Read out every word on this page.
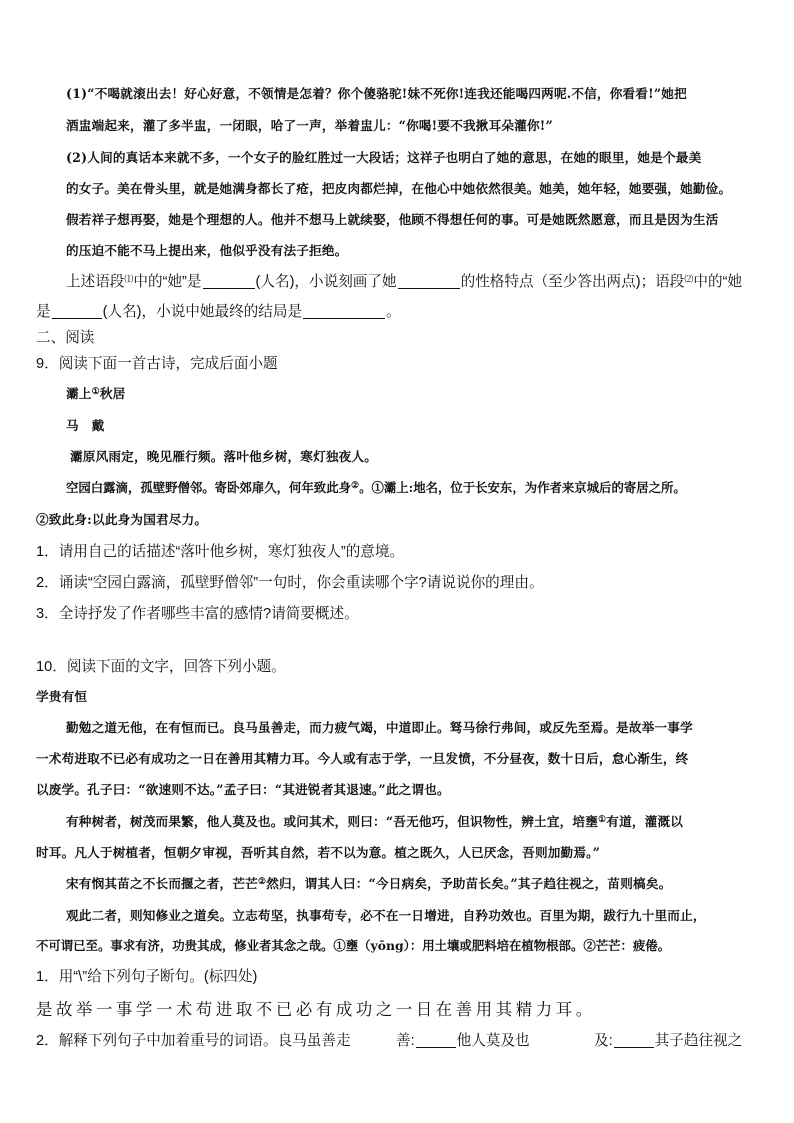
(1)“不喝就滚出去！好心好意，不领情是怎着？你个傻骆驼!妹不死你!连我还能喝四两呢.不信，你看看!”她把
酒盅端起来，灌了多半盅，一闭眼，哈了一声，举着盅儿：“你喝!要不我揪耳朵灌你!”
(2)人间的真话本来就不多，一个女子的脸红胜过一大段话；这祥子也明白了她的意思，在她的眼里，她是个最美
的女子。美在骨头里，就是她满身都长了疮，把皮肉都烂掉，在他心中她依然很美。她美，她年轻，她要强，她勤俭。
假若祥子想再娶，她是个理想的人。他并不想马上就续娶，他顾不得想任何的事。可是她既然愿意，而且是因为生活
的压迫不能不马上提出来，他似乎没有法子拒绝。
上述语段⑴中的“她”是	(人名)，小说刻画了她	的性格特点（至少答出两点)；语段⑵中的“她
是	(人名)，小说中她最终的结局是	。
二、阅读
9．阅读下面一首古诗，完成后面小题
灞上①秋居
马　戴
灞原风雨定，晚见雁行频。落叶他乡树，寒灯独夜人。
空园白露滴，孤壁野僧邻。寄卧郊扉久，何年致此身②。①灞上:地名，位于长安东，为作者来京城后的寄居之所。
②致此身:以此身为国君尽力。
1．请用自己的话描述“落叶他乡树，寒灯独夜人”的意境。
2．诵读“空园白露滴，孤壁野僧邻”一句时，你会重读哪个字?请说说你的理由。
3．全诗抒发了作者哪些丰富的感情?请简要概述。
10．阅读下面的文字，回答下列小题。
学贵有恒
勤勉之道无他，在有恒而已。良马虽善走，而力疲气竭，中道即止。驽马徐行弗间，或反先至焉。是故举一事学
一术苟进取不已必有成功之一日在善用其精力耳。今人或有志于学，一旦发愤，不分昼夜，数十日后，怠心渐生，终
以废学。孔子曰：“欲速则不达。”孟子曰：“其进锐者其退速。”此之谓也。
有种树者，树茂而果繁，他人莫及也。或问其术，则曰：“吾无他巧，但识物性，辨土宜，培壅①有道，灌溉以
时耳。凡人于树植者，恒朝夕审视，吾听其自然，若不以为意。植之既久，人已厌念，吾则加勤焉。”
宋有悯其苗之不长而揠之者，芒芒②然归，谓其人曰：“今日病矣，予助苗长矣。”其子趋往视之，苗则槁矣。
观此二者，则知修业之道矣。立志苟坚，执事苟专，必不在一日增进，自矜功效也。百里为期，跋行九十里而止，
不可谓已至。事求有济，功贵其成，修业者其念之哉。①壅（yōng）：用土壤或肥料培在植物根部。②芒芒：疲倦。
1．用“\”给下列句子断句。(标四处)
是故举一事学一术苟进取不已必有成功之一日在善用其精力耳。
2．解释下列句子中加着重号的词语。良马虽善走	善:	他人莫及也	及:	其子趋往视之
